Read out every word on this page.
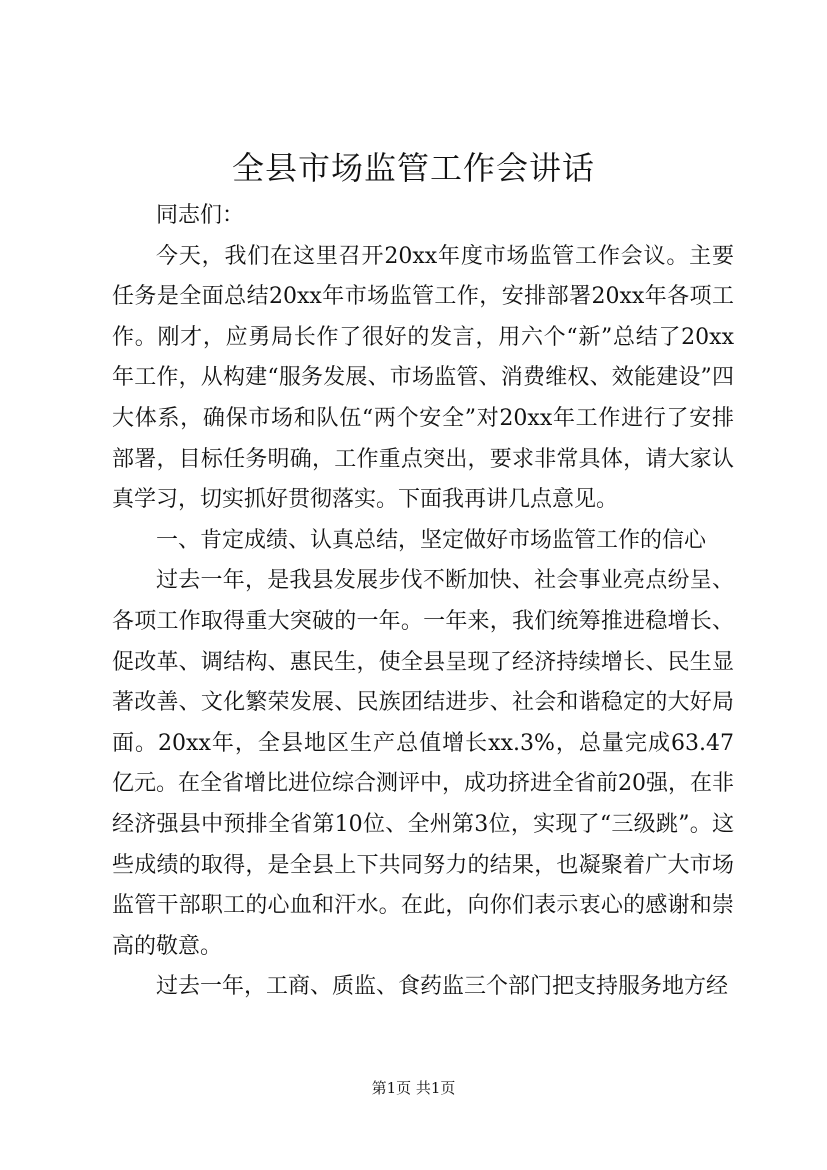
全县市场监管工作会讲话

同志们：

今天，我们在这里召开20xx年度市场监管工作会议。主要任务是全面总结20xx年市场监管工作，安排部署20xx年各项工作。刚才，应勇局长作了很好的发言，用六个“新”总结了20xx年工作，从构建“服务发展、市场监管、消费维权、效能建设”四大体系，确保市场和队伍“两个安全”对20xx年工作进行了安排部署，目标任务明确，工作重点突出，要求非常具体，请大家认真学习，切实抓好贯彻落实。下面我再讲几点意见。

一、肯定成绩、认真总结，坚定做好市场监管工作的信心

过去一年，是我县发展步伐不断加快、社会事业亮点纷呈、各项工作取得重大突破的一年。一年来，我们统筹推进稳增长、促改革、调结构、惠民生，使全县呈现了经济持续增长、民生显著改善、文化繁荣发展、民族团结进步、社会和谐稳定的大好局面。20xx年，全县地区生产总值增长xx.3%，总量完成63.47亿元。在全省增比进位综合测评中，成功挤进全省前20强，在非经济强县中预排全省第10位、全州第3位，实现了“三级跳”。这些成绩的取得，是全县上下共同努力的结果，也凝聚着广大市场监管干部职工的心血和汗水。在此，向你们表示衷心的感谢和崇高的敬意。

过去一年，工商、质监、食药监三个部门把支持服务地方经

第1页 共1页
